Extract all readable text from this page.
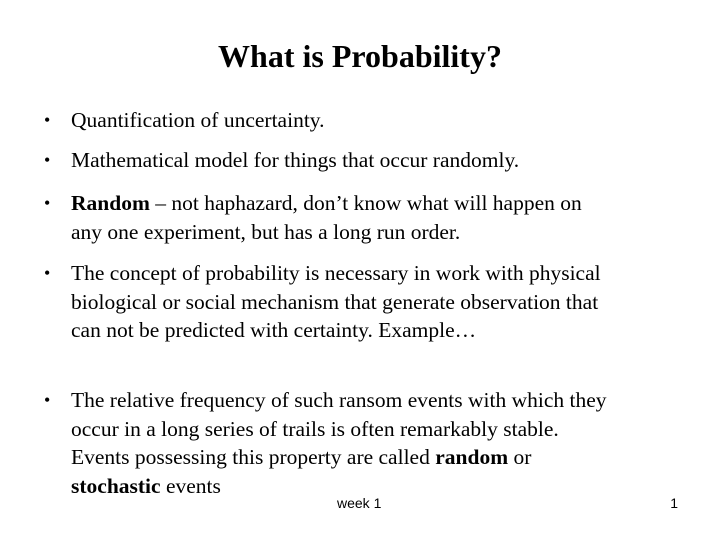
What is Probability?
• Quantification of uncertainty.
• Mathematical model for things that occur randomly.
• Random – not haphazard, don’t know what will happen on
any one experiment, but has a long run order.
• The concept of probability is necessary in work with physical
biological or social mechanism that generate observation that
can not be predicted with certainty. Example…
• The relative frequency of such ransom events with which they
occur in a long series of trails is often remarkably stable.
Events possessing this property are called random or
stochastic events
week 1	1
